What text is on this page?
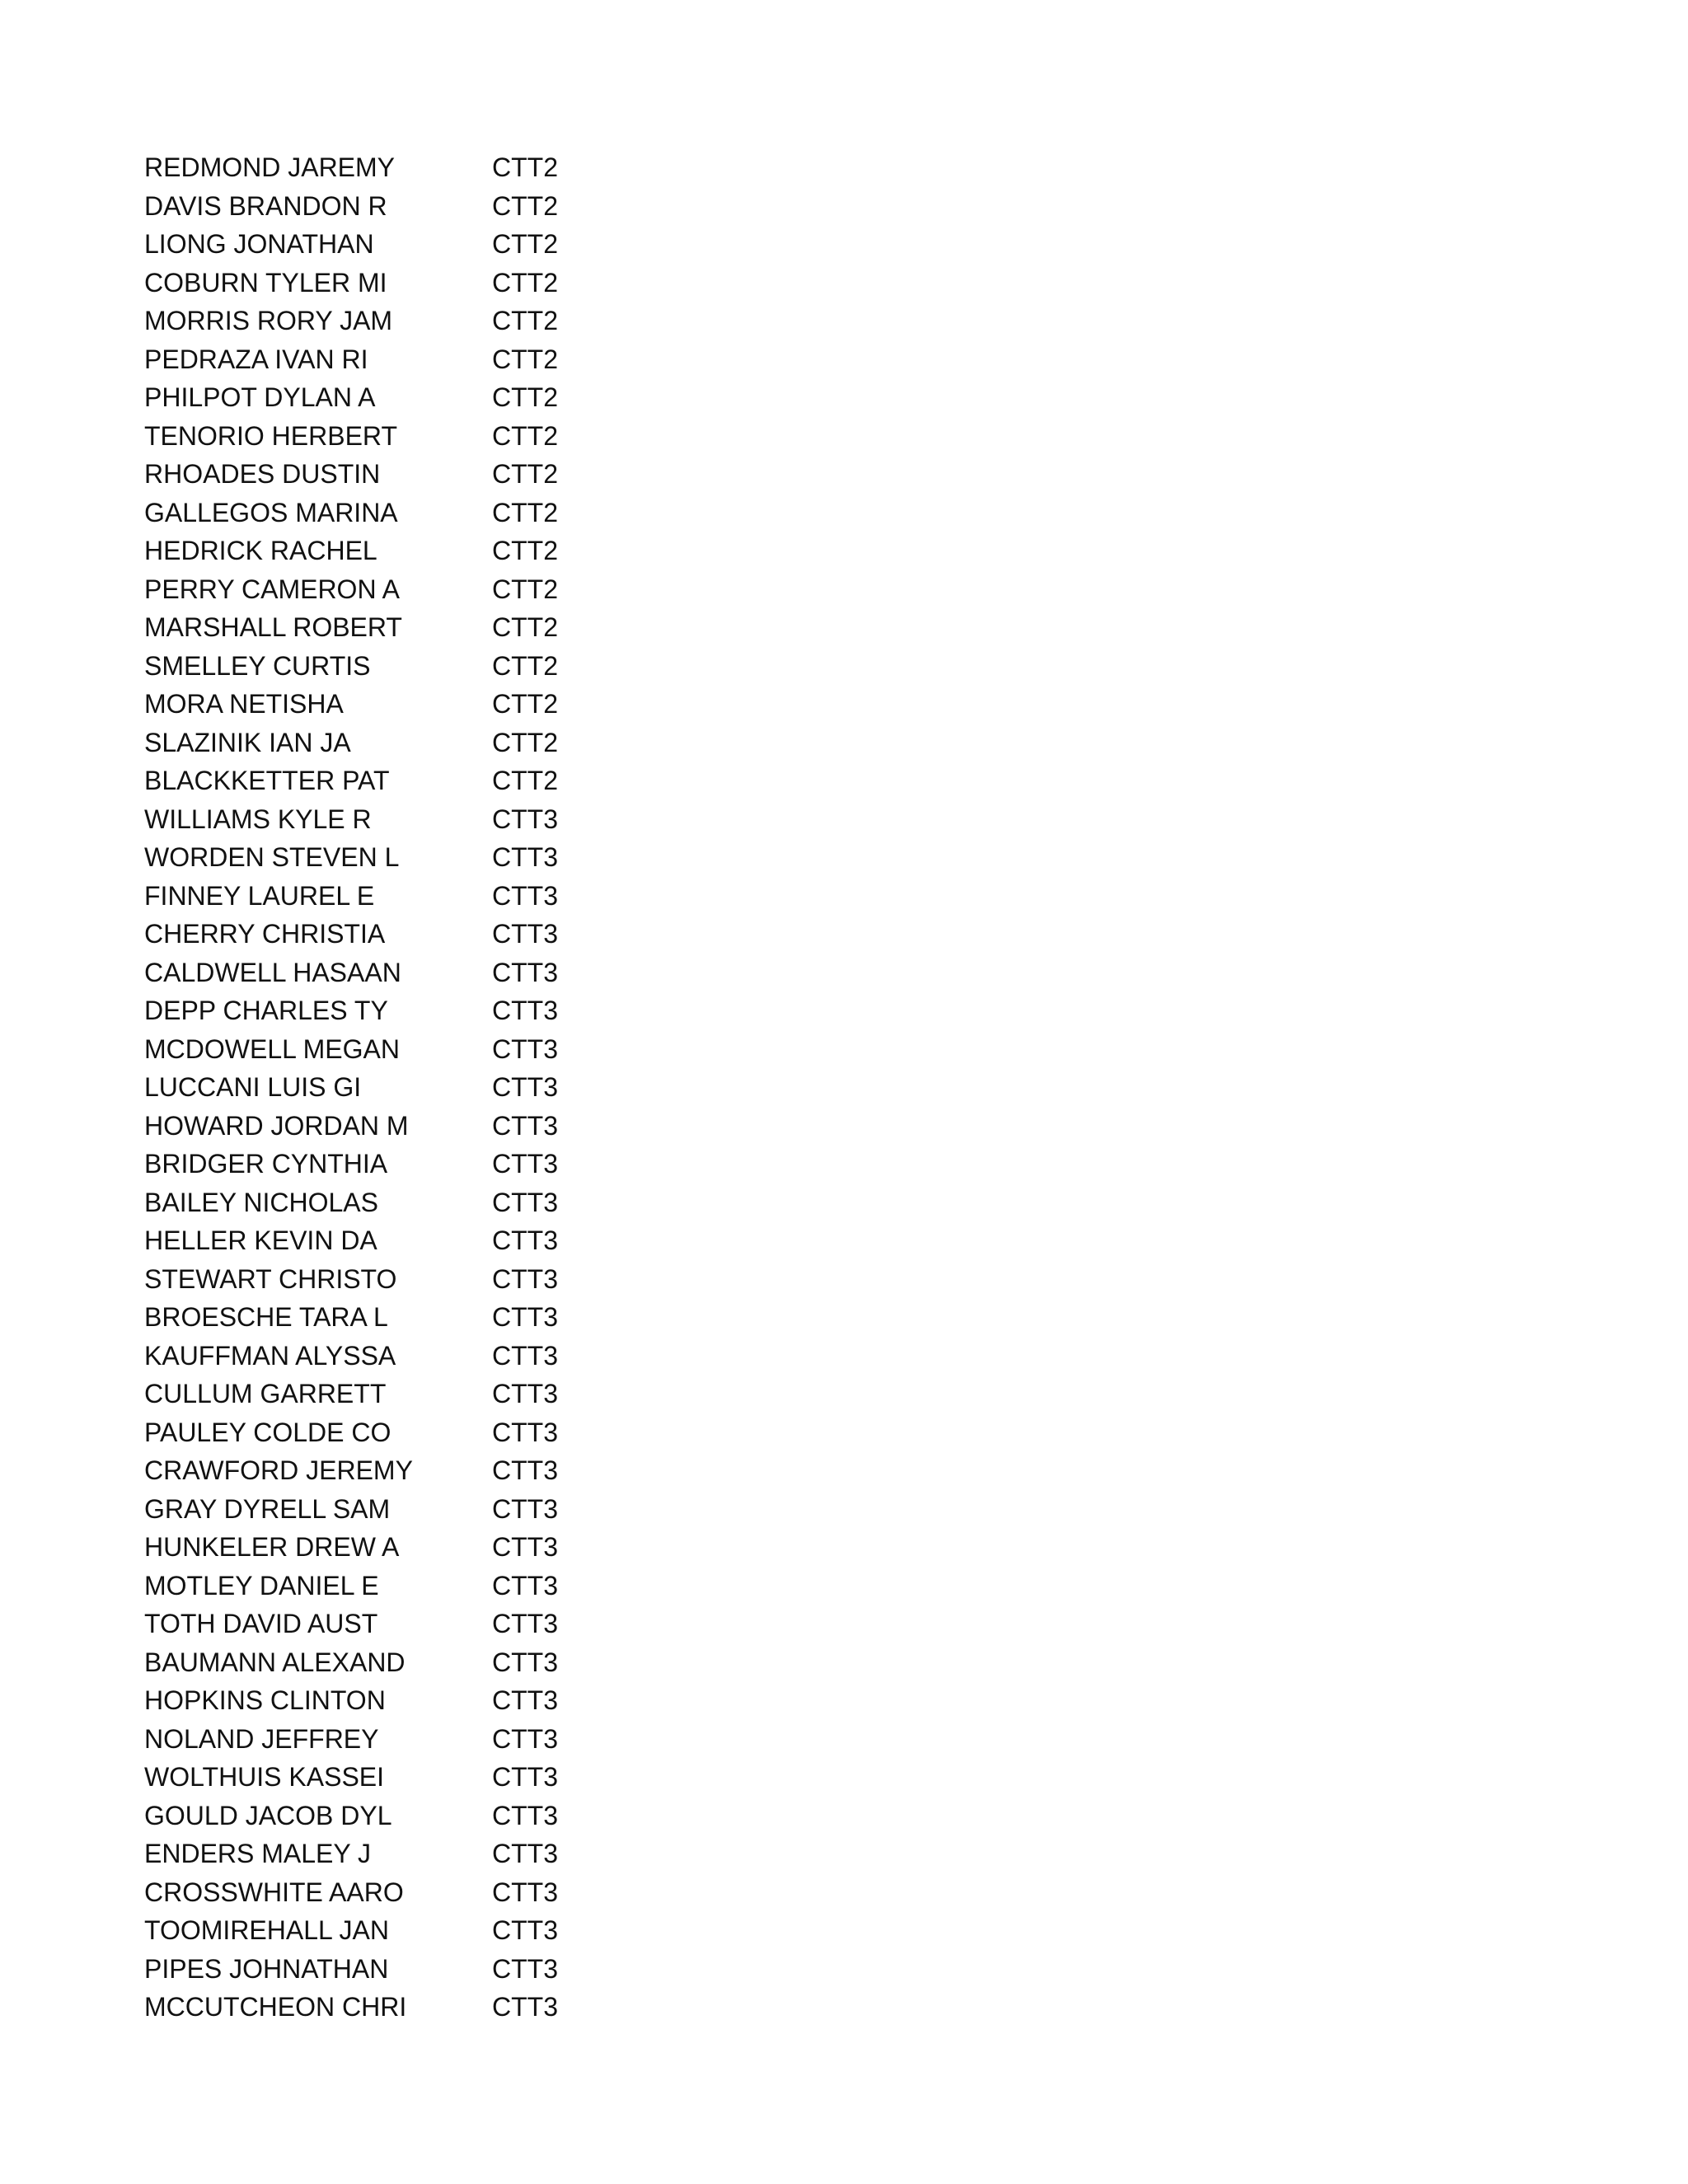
REDMOND JAREMY	CTT2
DAVIS BRANDON R	CTT2
LIONG JONATHAN	CTT2
COBURN TYLER MI	CTT2
MORRIS RORY JAM	CTT2
PEDRAZA IVAN RI	CTT2
PHILPOT DYLAN A	CTT2
TENORIO HERBERT	CTT2
RHOADES DUSTIN	CTT2
GALLEGOS MARINA	CTT2
HEDRICK RACHEL	CTT2
PERRY CAMERON A	CTT2
MARSHALL ROBERT	CTT2
SMELLEY CURTIS	CTT2
MORA NETISHA	CTT2
SLAZINIK IAN JA	CTT2
BLACKKETTER PAT	CTT2
WILLIAMS KYLE R	CTT3
WORDEN STEVEN L	CTT3
FINNEY LAUREL E	CTT3
CHERRY CHRISTIA	CTT3
CALDWELL HASAAN	CTT3
DEPP CHARLES TY	CTT3
MCDOWELL MEGAN	CTT3
LUCCANI LUIS GI	CTT3
HOWARD JORDAN M	CTT3
BRIDGER CYNTHIA	CTT3
BAILEY NICHOLAS	CTT3
HELLER KEVIN DA	CTT3
STEWART CHRISTO	CTT3
BROESCHE TARA L	CTT3
KAUFFMAN ALYSSA	CTT3
CULLUM GARRETT	CTT3
PAULEY COLDE CO	CTT3
CRAWFORD JEREMY	CTT3
GRAY DYRELL SAM	CTT3
HUNKELER DREW A	CTT3
MOTLEY DANIEL E	CTT3
TOTH DAVID AUST	CTT3
BAUMANN ALEXAND	CTT3
HOPKINS CLINTON	CTT3
NOLAND JEFFREY	CTT3
WOLTHUIS KASSEI	CTT3
GOULD JACOB DYL	CTT3
ENDERS MALEY J	CTT3
CROSSWHITE AARO	CTT3
TOOMIREHALL JAN	CTT3
PIPES JOHNATHAN	CTT3
MCCUTCHEON CHRI	CTT3
